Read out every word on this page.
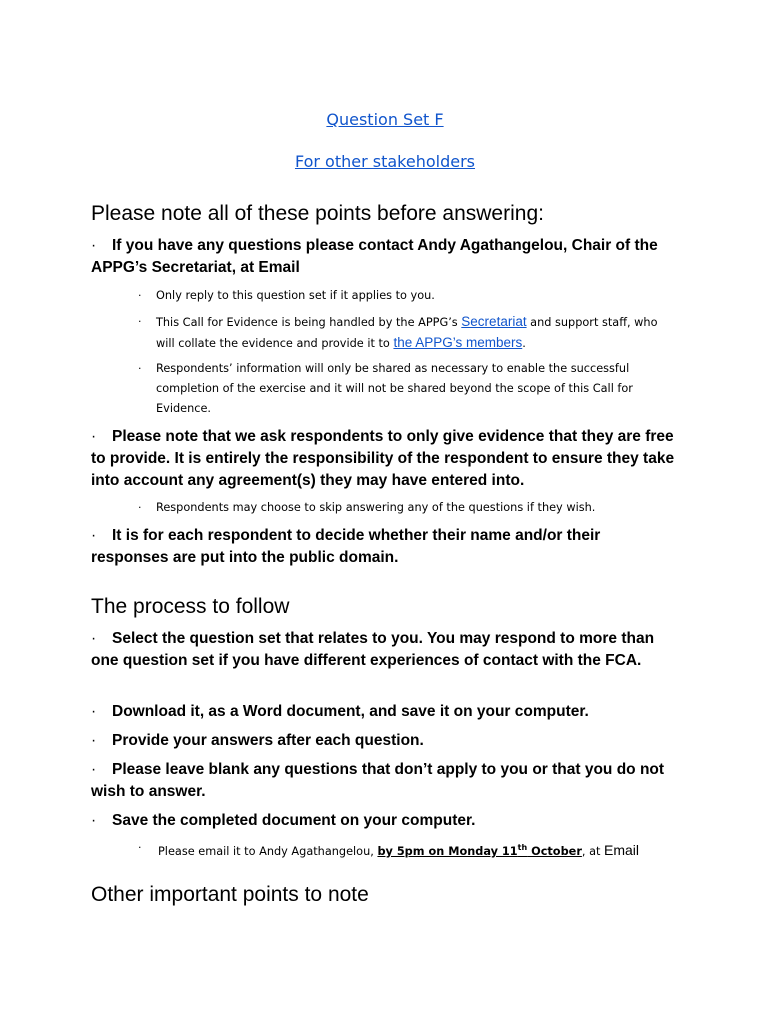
Question Set F
For other stakeholders
Please note all of these points before answering:

· If you have any questions please contact Andy Agathangelou, Chair of the APPG’s Secretariat, at Email

· Only reply to this question set if it applies to you.
· This Call for Evidence is being handled by the APPG’s Secretariat and support staff, who will collate the evidence and provide it to the APPG’s members.
· Respondents’ information will only be shared as necessary to enable the successful completion of the exercise and it will not be shared beyond the scope of this Call for Evidence.

· Please note that we ask respondents to only give evidence that they are free to provide. It is entirely the responsibility of the respondent to ensure they take into account any agreement(s) they may have entered into.

· Respondents may choose to skip answering any of the questions if they wish.

· It is for each respondent to decide whether their name and/or their responses are put into the public domain.

The process to follow

· Select the question set that relates to you. You may respond to more than one question set if you have different experiences of contact with the FCA.

· Download it, as a Word document, and save it on your computer.

· Provide your answers after each question.

· Please leave blank any questions that don’t apply to you or that you do not wish to answer.

· Save the completed document on your computer.

· Please email it to Andy Agathangelou, by 5pm on Monday 11th October, at Email
Other important points to note
